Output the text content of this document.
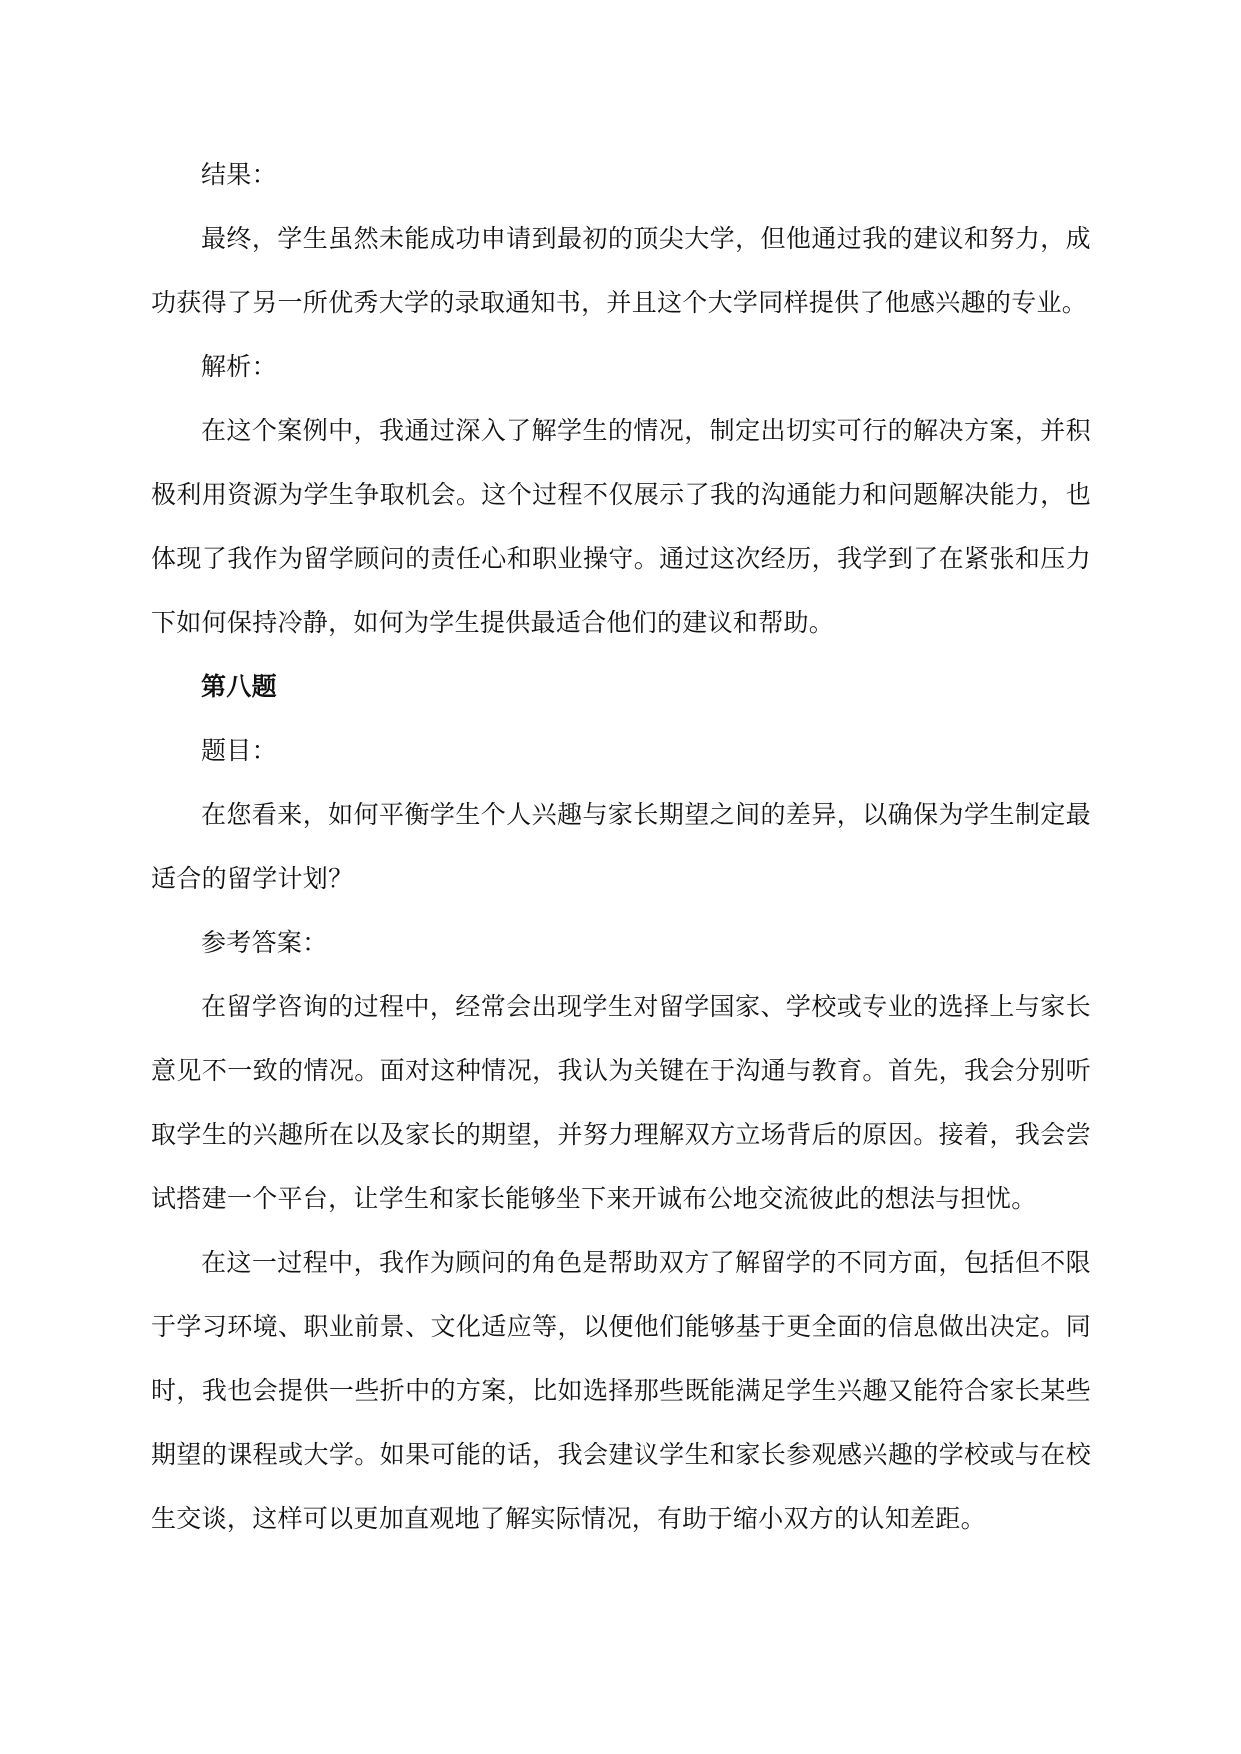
结果：

最终，学生虽然未能成功申请到最初的顶尖大学，但他通过我的建议和努力，成功获得了另一所优秀大学的录取通知书，并且这个大学同样提供了他感兴趣的专业。

解析：

在这个案例中，我通过深入了解学生的情况，制定出切实可行的解决方案，并积极利用资源为学生争取机会。这个过程不仅展示了我的沟通能力和问题解决能力，也体现了我作为留学顾问的责任心和职业操守。通过这次经历，我学到了在紧张和压力下如何保持冷静，如何为学生提供最适合他们的建议和帮助。

第八题

题目：

在您看来，如何平衡学生个人兴趣与家长期望之间的差异，以确保为学生制定最适合的留学计划？

参考答案：

在留学咨询的过程中，经常会出现学生对留学国家、学校或专业的选择上与家长意见不一致的情况。面对这种情况，我认为关键在于沟通与教育。首先，我会分别听取学生的兴趣所在以及家长的期望，并努力理解双方立场背后的原因。接着，我会尝试搭建一个平台，让学生和家长能够坐下来开诚布公地交流彼此的想法与担忧。

在这一过程中，我作为顾问的角色是帮助双方了解留学的不同方面，包括但不限于学习环境、职业前景、文化适应等，以便他们能够基于更全面的信息做出决定。同时，我也会提供一些折中的方案，比如选择那些既能满足学生兴趣又能符合家长某些期望的课程或大学。如果可能的话，我会建议学生和家长参观感兴趣的学校或与在校生交谈，这样可以更加直观地了解实际情况，有助于缩小双方的认知差距。
